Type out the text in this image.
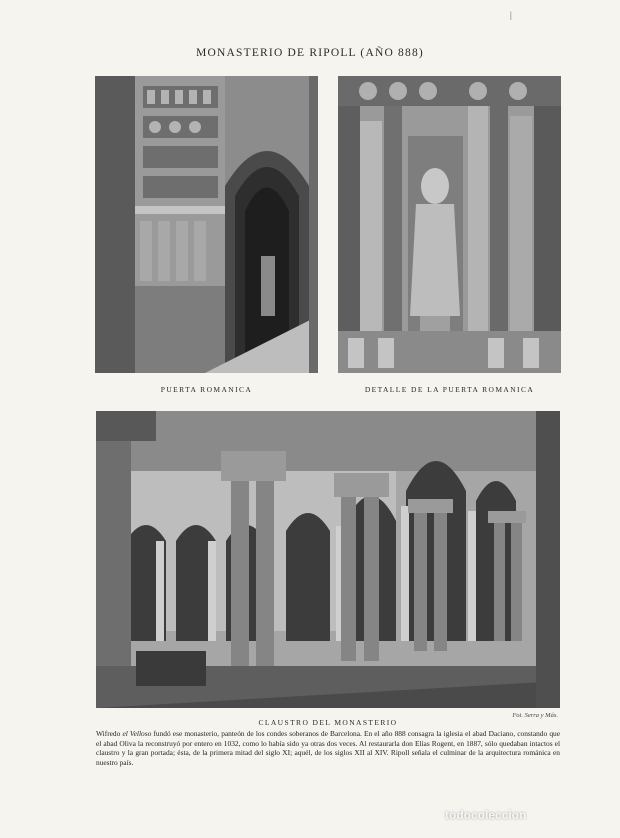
|
MONASTERIO DE RIPOLL (AÑO 888)
PUERTA ROMANICA	DETALLE DE LA PUERTA ROMANICA
Fot. Serra y Más.
CLAUSTRO DEL MONASTERIO
Wifredo el Velloso fundó ese monasterio, panteón de los condes soberanos de Barcelona. En el año 888 consagra la iglesia el abad Daciano, constando que el abad Oliva la reconstruyó por entero en 1032, como lo había sido ya otras dos veces. Al restaurarla don Elías Rogent, en 1887, sólo quedaban intactos el claustro y la gran portada; ésta, de la primera mitad del siglo XI; aquél, de los siglos XII al XIV. Ripoll señala el culminar de la arquitectura románica en nuestro país.
todocoleccion
